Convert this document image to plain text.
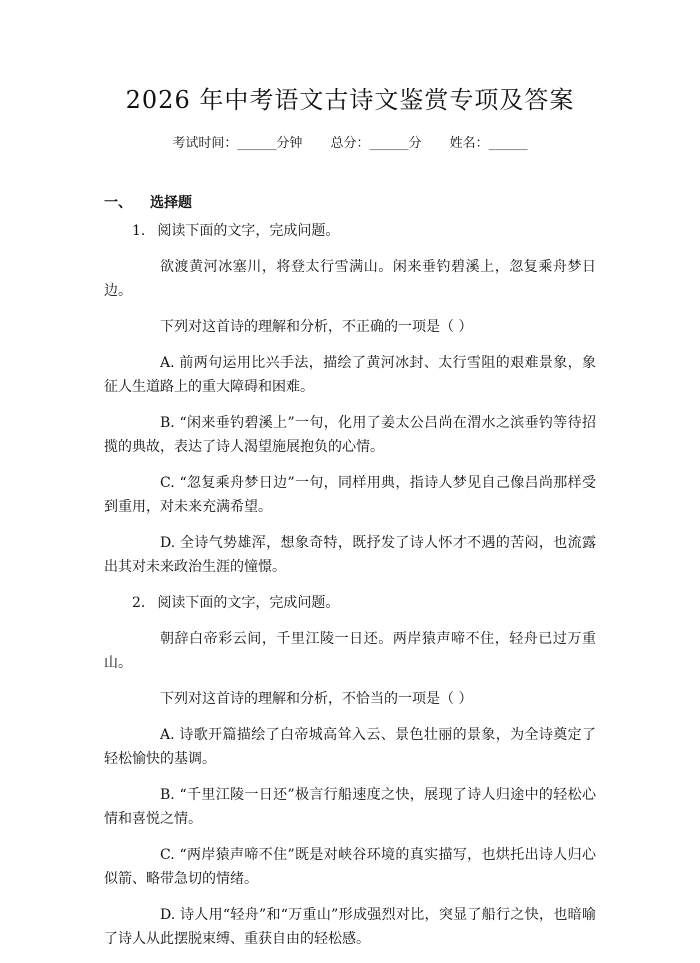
2026 年中考语文古诗文鉴赏专项及答案
考试时间：______分钟 总分：______分 姓名：______
一、 选择题

1. 阅读下面的文字，完成问题。

欲渡黄河冰塞川，将登太行雪满山。闲来垂钓碧溪上，忽复乘舟梦日边。

下列对这首诗的理解和分析，不正确的一项是（ ）

A. 前两句运用比兴手法，描绘了黄河冰封、太行雪阻的艰难景象，象征人生道路上的重大障碍和困难。

B. “闲来垂钓碧溪上”一句，化用了姜太公吕尚在渭水之滨垂钓等待招揽的典故，表达了诗人渴望施展抱负的心情。

C. “忽复乘舟梦日边”一句，同样用典，指诗人梦见自己像吕尚那样受到重用，对未来充满希望。

D. 全诗气势雄浑，想象奇特，既抒发了诗人怀才不遇的苦闷，也流露出其对未来政治生涯的憧憬。

2. 阅读下面的文字，完成问题。

朝辞白帝彩云间，千里江陵一日还。两岸猿声啼不住，轻舟已过万重山。

下列对这首诗的理解和分析，不恰当的一项是（ ）

A. 诗歌开篇描绘了白帝城高耸入云、景色壮丽的景象，为全诗奠定了轻松愉快的基调。

B. “千里江陵一日还”极言行船速度之快，展现了诗人归途中的轻松心情和喜悦之情。

C. “两岸猿声啼不住”既是对峡谷环境的真实描写，也烘托出诗人归心似箭、略带急切的情绪。

D. 诗人用“轻舟”和“万重山”形成强烈对比，突显了船行之快，也暗喻了诗人从此摆脱束缚、重获自由的轻松感。
